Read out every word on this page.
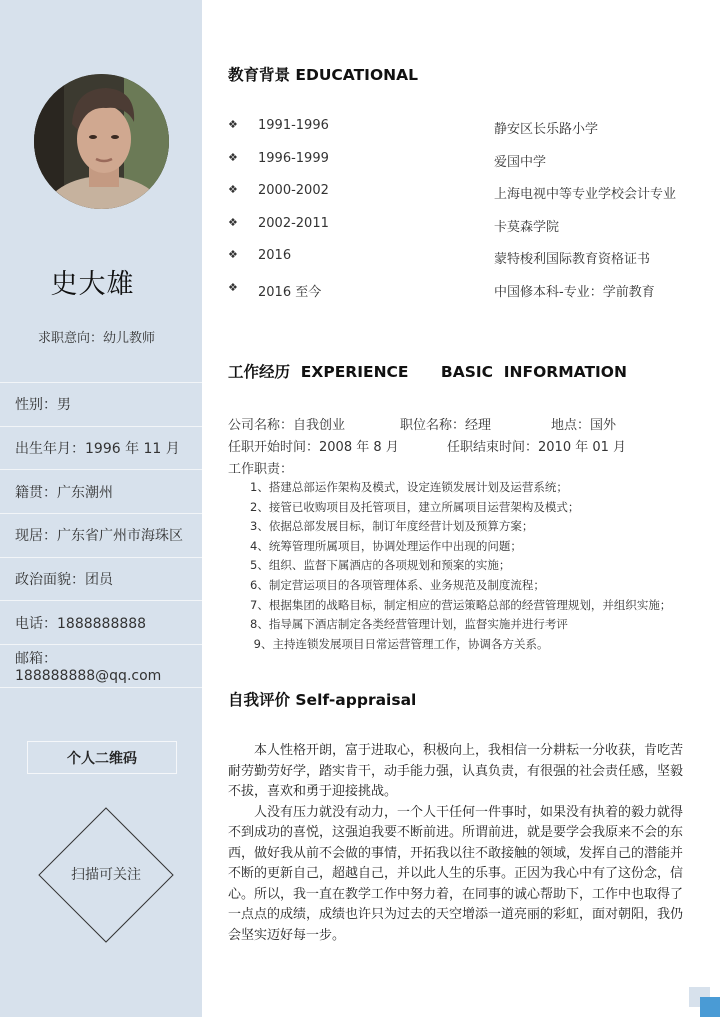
史大雄
求职意向：幼儿教师
性别：男
出生年月：1996 年 11 月
籍贯：广东潮州
现居：广东省广州市海珠区
政治面貌：团员
电话：1888888888
邮箱：188888888@qq.com
个人二维码
扫描可关注
教育背景 EDUCATIONAL
❖ 1991-1996	静安区长乐路小学
❖ 1996-1999	爱国中学
❖ 2000-2002	上海电视中等专业学校会计专业
❖ 2002-2011	卡莫森学院
❖ 2016	蒙特梭利国际教育资格证书
❖ 2016 至今	中国修本科-专业：学前教育
工作经历  EXPERIENCE      BASIC  INFORMATION
公司名称：自我创业	职位名称：经理	地点：国外
任职开始时间：2008 年 8 月	任职结束时间：2010 年 01 月
工作职责：
1、搭建总部运作架构及模式，设定连锁发展计划及运营系统；
2、接管已收购项目及托管项目，建立所属项目运营架构及模式；
3、依据总部发展目标，制订年度经营计划及预算方案；
4、统筹管理所属项目，协调处理运作中出现的问题；
5、组织、监督下属酒店的各项规划和预案的实施；
6、制定营运项目的各项管理体系、业务规范及制度流程；
7、根据集团的战略目标，制定相应的营运策略总部的经营管理规划，并组织实施；
8、指导属下酒店制定各类经营管理计划，监督实施并进行考评
9、主持连锁发展项目日常运营管理工作，协调各方关系。
自我评价 Self-appraisal

本人性格开朗，富于进取心，积极向上，我相信一分耕耘一分收获，肯吃苦耐劳勤劳好学，踏实肯干，动手能力强，认真负责，有很强的社会责任感，坚毅不拔，喜欢和勇于迎接挑战。

人没有压力就没有动力，一个人干任何一件事时，如果没有执着的毅力就得不到成功的喜悦，这强迫我要不断前进。所谓前进，就是要学会我原来不会的东西，做好我从前不会做的事情，开拓我以往不敢接触的领域，发挥自己的潜能并不断的更新自己，超越自己，并以此人生的乐事。正因为我心中有了这份念，信心。所以，我一直在教学工作中努力着，在同事的诚心帮助下，工作中也取得了一点点的成绩，成绩也许只为过去的天空增添一道亮丽的彩虹，面对朝阳，我仍会坚实迈好每一步。
